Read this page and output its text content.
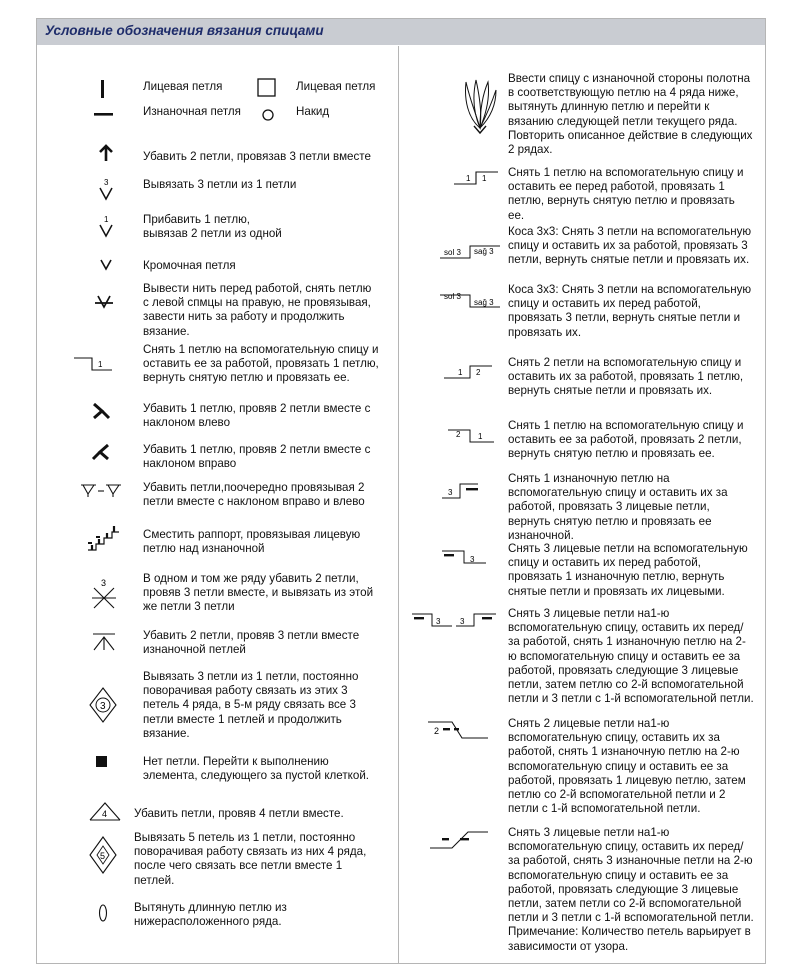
Условные обозначения вязания спицами
Лицевая петля	Лицевая петля
Изнаночная петля	Накид
Убавить 2 петли, провязав 3 петли вместе
3	Вывязать 3 петли из 1 петли
1	Прибавить 1 петлю,
вывязав 2 петли из одной
Кромочная петля
Вывести нить перед работой, снять петлю с левой спмцы на правую, не провязывая, завести нить за работу и продолжить вязание.
1
Снять 1 петлю на вспомогательную спицу и оставить ее за работой, провязать 1 петлю, вернуть снятую петлю и провязать ее.
Убавить 1 петлю, провяв 2 петли вместе с наклоном влево
Убавить 1 петлю, провяв 2 петли вместе с наклоном вправо
Убавить петли,поочередно провязывая 2 петли вместе с наклоном вправо и влево
Сместить раппорт, провязывая лицевую петлю над изнаночной
3	В одном и том же ряду убавить 2 петли, провяв 3 петли вместе, и вывязать из этой же петли 3 петли
Убавить 2 петли, провяв 3 петли вместе изнаночной петлей
3
Вывязать 3 петли из 1 петли, постоянно поворачивая работу связать из этих 3 петель 4 ряда, в 5-м ряду связать все 3 петли вместе 1 петлей и продолжить вязание.
Нет петли. Перейти к выполнению элемента, следующего за пустой клеткой.
4 Убавить петли, провяв 4 петли вместе.
5
Вывязать 5 петель из 1 петли, постоянно поворачивая работу связать из них 4 ряда, после чего связать все петли вместе 1 петлей.
Вытянуть длинную петлю из нижерасположенного ряда.
Ввести спицу с изнаночной стороны полотна в соответствующую петлю на 4 ряда ниже, вытянуть длинную петлю и перейти к вязанию следующей петли текущего ряда. Повторить описанное действие в следующих 2 рядах.
1 1 Снять 1 петлю на вспомогательную спицу и оставить ее перед работой, провязать 1 петлю, вернуть снятую петлю и провязать ее.
sol 3 sağ 3
Коса 3х3: Снять 3 петли на вспомогательную спицу и оставить их за работой, провязать 3 петли, вернуть снятые петли и провязать их.
sol 3
sağ 3
Коса 3х3: Снять 3 петли на вспомогательную спицу и оставить их перед работой, провязать 3 петли, вернуть снятые петли и провязать их.
1 2
Снять 2 петли на вспомогательную спицу и оставить их за работой, провязать 1 петлю, вернуть снятые петли и провязать их.
2 1
Снять 1 петлю на вспомогательную спицу и оставить ее за работой, провязать 2 петли, вернуть снятую петлю и провязать ее.
3
Снять 1 изнаночную петлю на вспомогательную спицу и оставить их за работой, провязать 3 лицевые петли, вернуть снятую петлю и провязать ее изнаночной.
3
Снять 3 лицевые петли на вспомогательную спицу и оставить их перед работой, провязать 1 изнаночную петлю, вернуть снятые петли и провязать их лицевыми.
3 3
Снять 3 лицевые петли на1-ю вспомогательную спицу, оставить их перед/за работой, снять 1 изнаночную петлю на 2-ю вспомогательную спицу и оставить ее за работой, провязать следующие 3 лицевые петли, затем петлю со 2-й вспомогательной петли и 3 петли с 1-й вспомогательной петли.
2
Снять 2 лицевые петли на1-ю вспомогательную спицу, оставить их за работой, снять 1 изнаночную петлю на 2-ю вспомогательную спицу и оставить ее за работой, провязать 1 лицевую петлю, затем петлю со 2-й вспомогательной петли и 2 петли с 1-й вспомогательной петли.
Снять 3 лицевые петли на1-ю вспомогательную спицу, оставить их перед/за работой, снять 3 изнаночные петли на 2-ю вспомогательную спицу и оставить ее за работой, провязать следующие 3 лицевые петли, затем петли со 2-й вспомогательной петли и 3 петли с 1-й вспомогательной петли. Примечание: Количество петель варьирует в зависимости от узора.
